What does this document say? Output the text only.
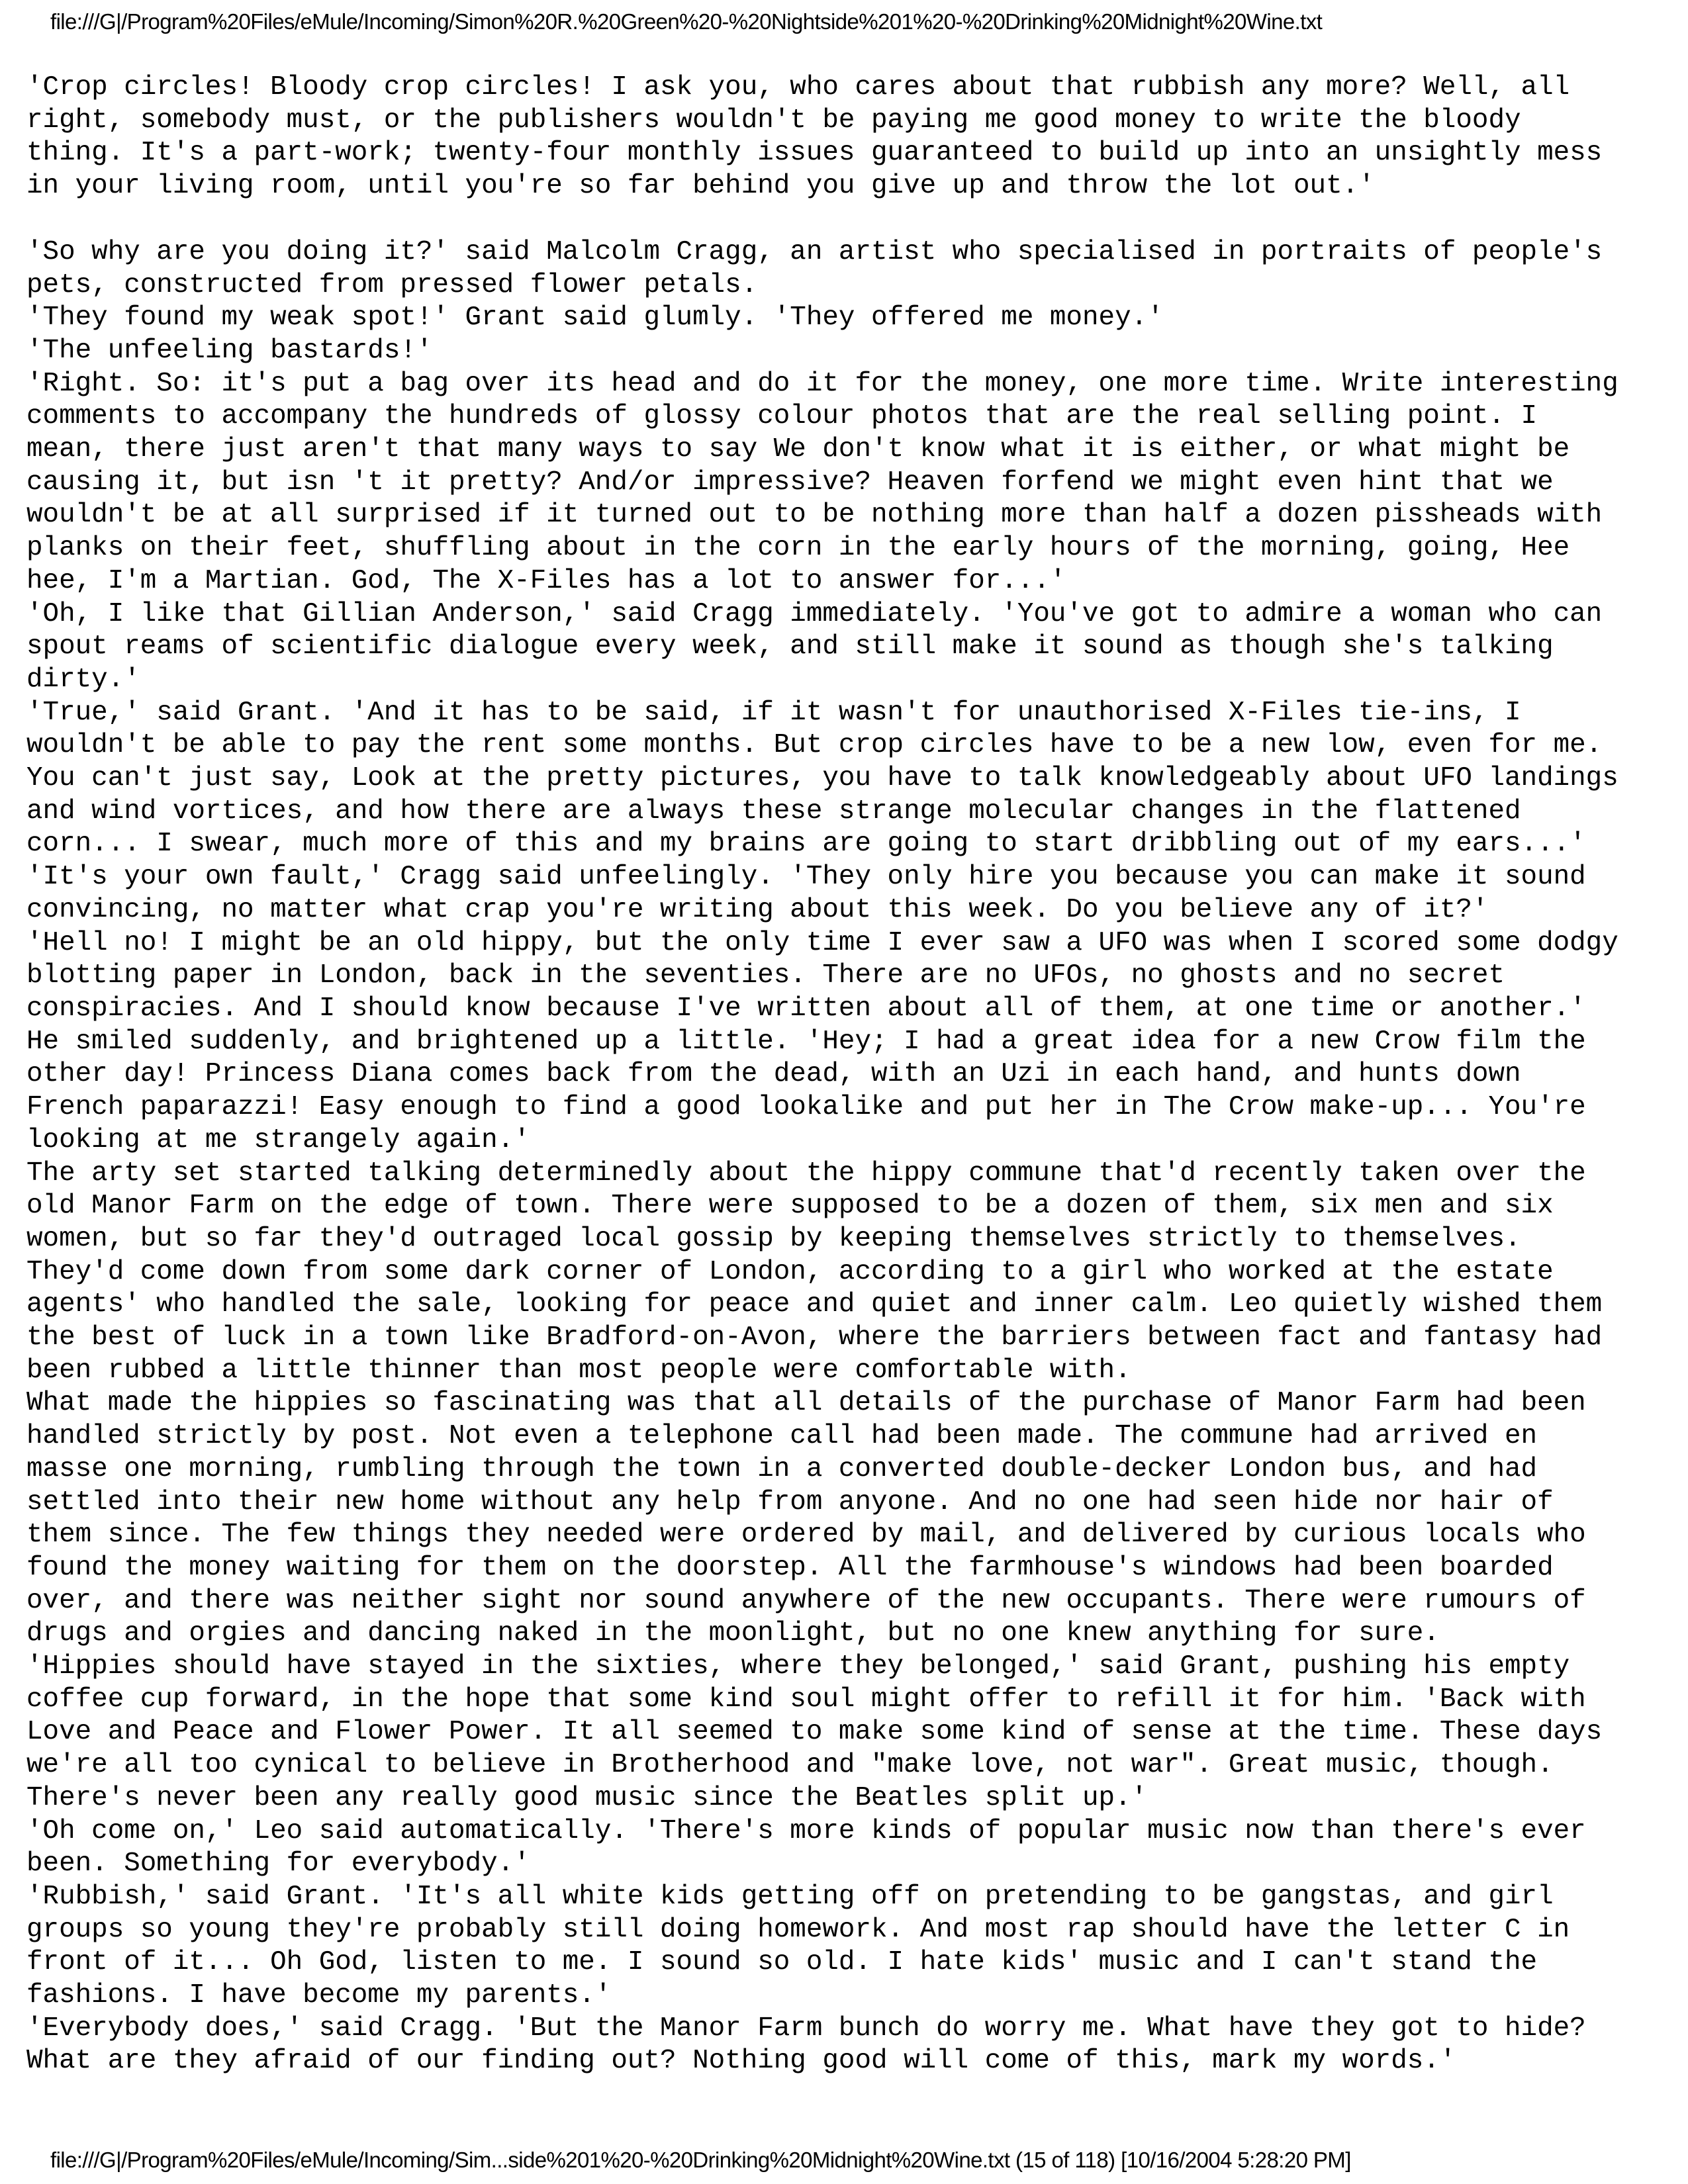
file:///G|/Program%20Files/eMule/Incoming/Simon%20R.%20Green%20-%20Nightside%201%20-%20Drinking%20Midnight%20Wine.txt
'Crop circles! Bloody crop circles! I ask you, who cares about that rubbish any more? Well, all
right, somebody must, or the publishers wouldn't be paying me good money to write the bloody
thing. It's a part-work; twenty-four monthly issues guaranteed to build up into an unsightly mess
in your living room, until you're so far behind you give up and throw the lot out.'
'So why are you doing it?' said Malcolm Cragg, an artist who specialised in portraits of people's
pets, constructed from pressed flower petals.
'They found my weak spot!' Grant said glumly. 'They offered me money.'
'The unfeeling bastards!'
'Right. So: it's put a bag over its head and do it for the money, one more time. Write interesting
comments to accompany the hundreds of glossy colour photos that are the real selling point. I
mean, there just aren't that many ways to say We don't know what it is either, or what might be
causing it, but isn 't it pretty? And/or impressive? Heaven forfend we might even hint that we
wouldn't be at all surprised if it turned out to be nothing more than half a dozen pissheads with
planks on their feet, shuffling about in the corn in the early hours of the morning, going, Hee
hee, I'm a Martian. God, The X-Files has a lot to answer for...'
'Oh, I like that Gillian Anderson,' said Cragg immediately. 'You've got to admire a woman who can
spout reams of scientific dialogue every week, and still make it sound as though she's talking
dirty.'
'True,' said Grant. 'And it has to be said, if it wasn't for unauthorised X-Files tie-ins, I
wouldn't be able to pay the rent some months. But crop circles have to be a new low, even for me.
You can't just say, Look at the pretty pictures, you have to talk knowledgeably about UFO landings
and wind vortices, and how there are always these strange molecular changes in the flattened
corn... I swear, much more of this and my brains are going to start dribbling out of my ears...'
'It's your own fault,' Cragg said unfeelingly. 'They only hire you because you can make it sound
convincing, no matter what crap you're writing about this week. Do you believe any of it?'
'Hell no! I might be an old hippy, but the only time I ever saw a UFO was when I scored some dodgy
blotting paper in London, back in the seventies. There are no UFOs, no ghosts and no secret
conspiracies. And I should know because I've written about all of them, at one time or another.'
He smiled suddenly, and brightened up a little. 'Hey; I had a great idea for a new Crow film the
other day! Princess Diana comes back from the dead, with an Uzi in each hand, and hunts down
French paparazzi! Easy enough to find a good lookalike and put her in The Crow make-up... You're
looking at me strangely again.'
The arty set started talking determinedly about the hippy commune that'd recently taken over the
old Manor Farm on the edge of town. There were supposed to be a dozen of them, six men and six
women, but so far they'd outraged local gossip by keeping themselves strictly to themselves.
They'd come down from some dark corner of London, according to a girl who worked at the estate
agents' who handled the sale, looking for peace and quiet and inner calm. Leo quietly wished them
the best of luck in a town like Bradford-on-Avon, where the barriers between fact and fantasy had
been rubbed a little thinner than most people were comfortable with.
What made the hippies so fascinating was that all details of the purchase of Manor Farm had been
handled strictly by post. Not even a telephone call had been made. The commune had arrived en
masse one morning, rumbling through the town in a converted double-decker London bus, and had
settled into their new home without any help from anyone. And no one had seen hide nor hair of
them since. The few things they needed were ordered by mail, and delivered by curious locals who
found the money waiting for them on the doorstep. All the farmhouse's windows had been boarded
over, and there was neither sight nor sound anywhere of the new occupants. There were rumours of
drugs and orgies and dancing naked in the moonlight, but no one knew anything for sure.
'Hippies should have stayed in the sixties, where they belonged,' said Grant, pushing his empty
coffee cup forward, in the hope that some kind soul might offer to refill it for him. 'Back with
Love and Peace and Flower Power. It all seemed to make some kind of sense at the time. These days
we're all too cynical to believe in Brotherhood and "make love, not war". Great music, though.
There's never been any really good music since the Beatles split up.'
'Oh come on,' Leo said automatically. 'There's more kinds of popular music now than there's ever
been. Something for everybody.'
'Rubbish,' said Grant. 'It's all white kids getting off on pretending to be gangstas, and girl
groups so young they're probably still doing homework. And most rap should have the letter C in
front of it... Oh God, listen to me. I sound so old. I hate kids' music and I can't stand the
fashions. I have become my parents.'
'Everybody does,' said Cragg. 'But the Manor Farm bunch do worry me. What have they got to hide?
What are they afraid of our finding out? Nothing good will come of this, mark my words.'
file:///G|/Program%20Files/eMule/Incoming/Sim...side%201%20-%20Drinking%20Midnight%20Wine.txt (15 of 118) [10/16/2004 5:28:20 PM]
